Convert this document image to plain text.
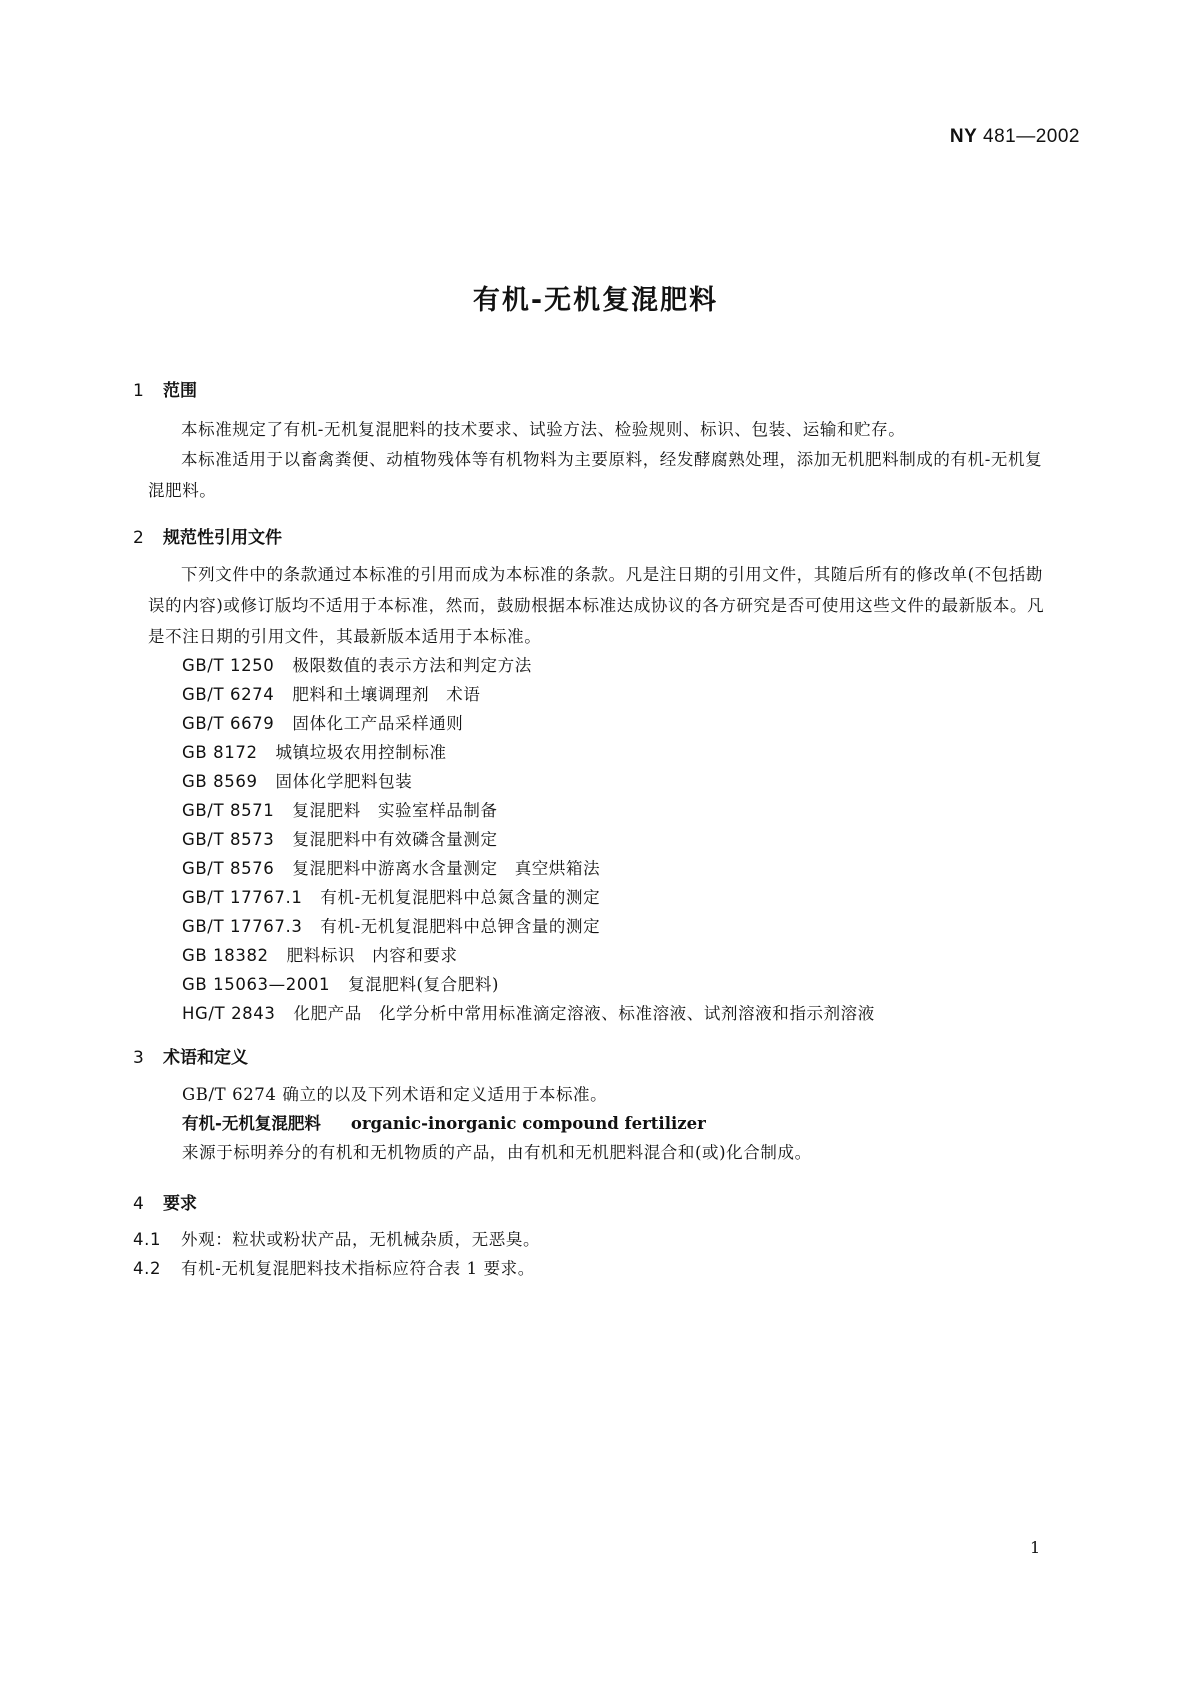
NY 481—2002
有机-无机复混肥料
1 范围
本标准规定了有机-无机复混肥料的技术要求、试验方法、检验规则、标识、包装、运输和贮存。
本标准适用于以畜禽粪便、动植物残体等有机物料为主要原料，经发酵腐熟处理，添加无机肥料制成的有机-无机复混肥料。
2 规范性引用文件
下列文件中的条款通过本标准的引用而成为本标准的条款。凡是注日期的引用文件，其随后所有的修改单(不包括勘误的内容)或修订版均不适用于本标准，然而，鼓励根据本标准达成协议的各方研究是否可使用这些文件的最新版本。凡是不注日期的引用文件，其最新版本适用于本标准。
GB/T 1250 极限数值的表示方法和判定方法
GB/T 6274 肥料和土壤调理剂　术语
GB/T 6679 固体化工产品采样通则
GB 8172 城镇垃圾农用控制标准
GB 8569 固体化学肥料包装
GB/T 8571 复混肥料　实验室样品制备
GB/T 8573 复混肥料中有效磷含量测定
GB/T 8576 复混肥料中游离水含量测定　真空烘箱法
GB/T 17767.1 有机-无机复混肥料中总氮含量的测定
GB/T 17767.3 有机-无机复混肥料中总钾含量的测定
GB 18382 肥料标识　内容和要求
GB 15063—2001 复混肥料(复合肥料)
HG/T 2843 化肥产品　化学分析中常用标准滴定溶液、标准溶液、试剂溶液和指示剂溶液
3 术语和定义
GB/T 6274 确立的以及下列术语和定义适用于本标准。
有机-无机复混肥料 organic-inorganic compound fertilizer
来源于标明养分的有机和无机物质的产品，由有机和无机肥料混合和(或)化合制成。
4 要求
4.1 外观：粒状或粉状产品，无机械杂质，无恶臭。
4.2 有机-无机复混肥料技术指标应符合表 1 要求。
1
